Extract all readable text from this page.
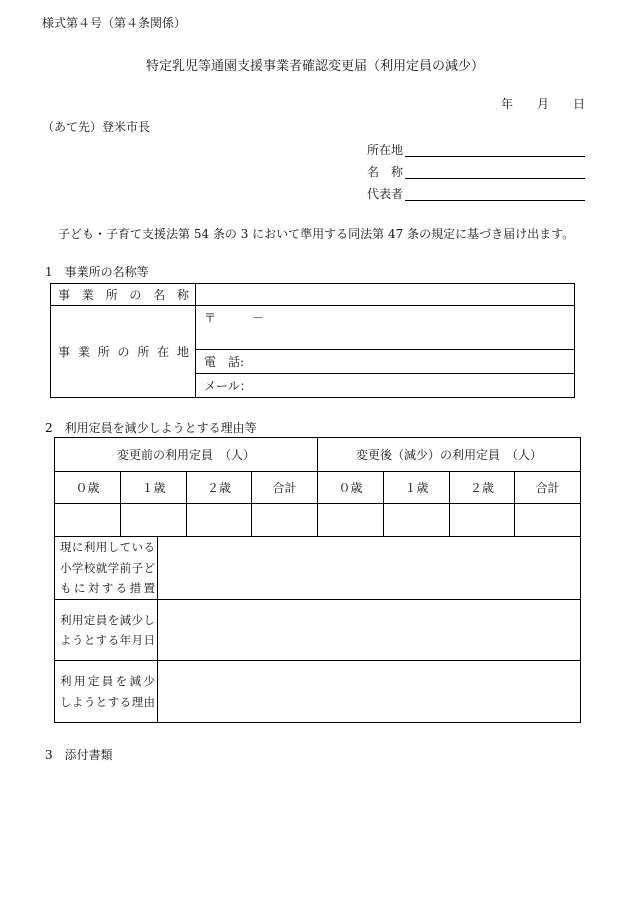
様式第４号（第４条関係）
特定乳児等通園支援事業者確認変更届（利用定員の減少）
年　　月　　日
（あて先）登米市長
所在地
名　称
代表者
子ども・子育て支援法第 54 条の 3 において準用する同法第 47 条の規定に基づき届け出ます。
1　事業所の名称等
事 業 所 の 名 称	

事 業 所 の 所 在 地	〒　　　－
	電　話:
	メール：
2　利用定員を減少しようとする理由等
変更前の利用定員　（人）				変更後（減少）の利用定員　（人）			
０歳	１歳	２歳	合計	０歳	１歳	２歳	合計

現に利用している
小学校就学前子ど
もに対する措置	

利用定員を減少し
ようとする年月日	

利用定員を減少
しようとする理由	

3　添付書類
